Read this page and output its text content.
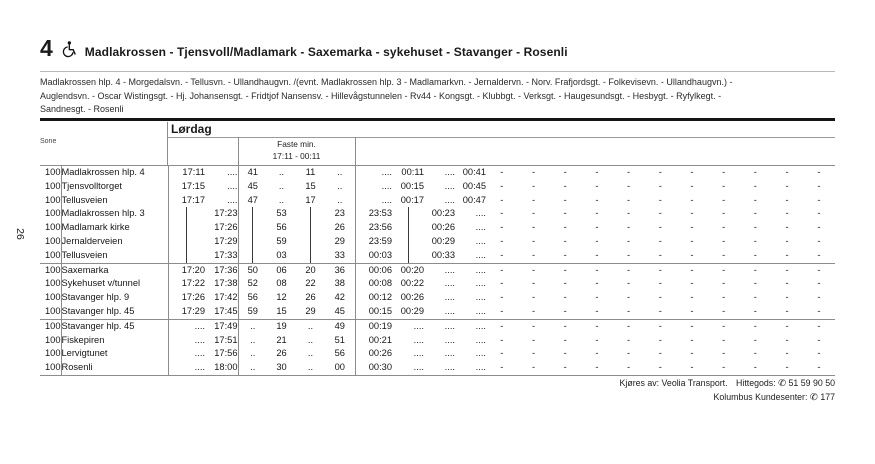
26
4	Madlakrossen - Tjensvoll/Madlamark - Saxemarka - sykehuset - Stavanger - Rosenli
Madlakrossen hlp. 4 - Morgedalsvn. - Tellusvn. - Ullandhaugvn. /(evnt. Madlakrossen hlp. 3 - Madlamarkvn. - Jernaldervn. - Norv. Frafjordsgt. - Folkevisevn. - Ullandhaugvn.) -
Auglendsvn. - Oscar Wistingsgt. - Hj. Johansensgt. - Fridtjof Nansensv. - Hillevågstunnelen - Rv44 - Kongsgt. - Klubbgt. - Verksgt. - Haugesundsgt. - Hesbygt. - Ryfylkegt. -
Sandnesgt. - Rosenli
Sone
Lørdag
Faste min.
17:11 - 00:11
100	Madlakrossen hlp. 4	17:11	....	41	..	11	..	....	00:11	....	00:41	-	-	-	-	-	-	-	-	-	-	-
100	Tjensvolltorget	17:15	....	45	..	15	..	....	00:15	....	00:45	-	-	-	-	-	-	-	-	-	-	-
100	Tellusveien	17:17	....	47	..	17	..	....	00:17	....	00:47	-	-	-	-	-	-	-	-	-	-	-
100	Madlakrossen hlp. 3		17:23		53		23	23:53		00:23	....	-	-	-	-	-	-	-	-	-	-	-
100	Madlamark kirke		17:26		56		26	23:56		00:26	....	-	-	-	-	-	-	-	-	-	-	-
100	Jernalderveien		17:29		59		29	23:59		00:29	....	-	-	-	-	-	-	-	-	-	-	-
100	Tellusveien		17:33		03		33	00:03		00:33	....	-	-	-	-	-	-	-	-	-	-	-
100	Saxemarka	17:20	17:36	50	06	20	36	00:06	00:20	....	....	-	-	-	-	-	-	-	-	-	-	-
100	Sykehuset v/tunnel	17:22	17:38	52	08	22	38	00:08	00:22	....	....	-	-	-	-	-	-	-	-	-	-	-
100	Stavanger hlp. 9	17:26	17:42	56	12	26	42	00:12	00:26	....	....	-	-	-	-	-	-	-	-	-	-	-
100	Stavanger hlp. 45	17:29	17:45	59	15	29	45	00:15	00:29	....	....	-	-	-	-	-	-	-	-	-	-	-
100	Stavanger hlp. 45	....	17:49	..	19	..	49	00:19	....	....	....	-	-	-	-	-	-	-	-	-	-	-
100	Fiskepiren	....	17:51	..	21	..	51	00:21	....	....	....	-	-	-	-	-	-	-	-	-	-	-
100	Lervigtunet	....	17:56	..	26	..	56	00:26	....	....	....	-	-	-	-	-	-	-	-	-	-	-
100	Rosenli	....	18:00	..	30	..	00	00:30	....	....	....	-	-	-	-	-	-	-	-	-	-	-
Kjøres av: Veolia Transport. Hittegods: ✆ 51 59 90 50
Kolumbus Kundesenter: ✆ 177
